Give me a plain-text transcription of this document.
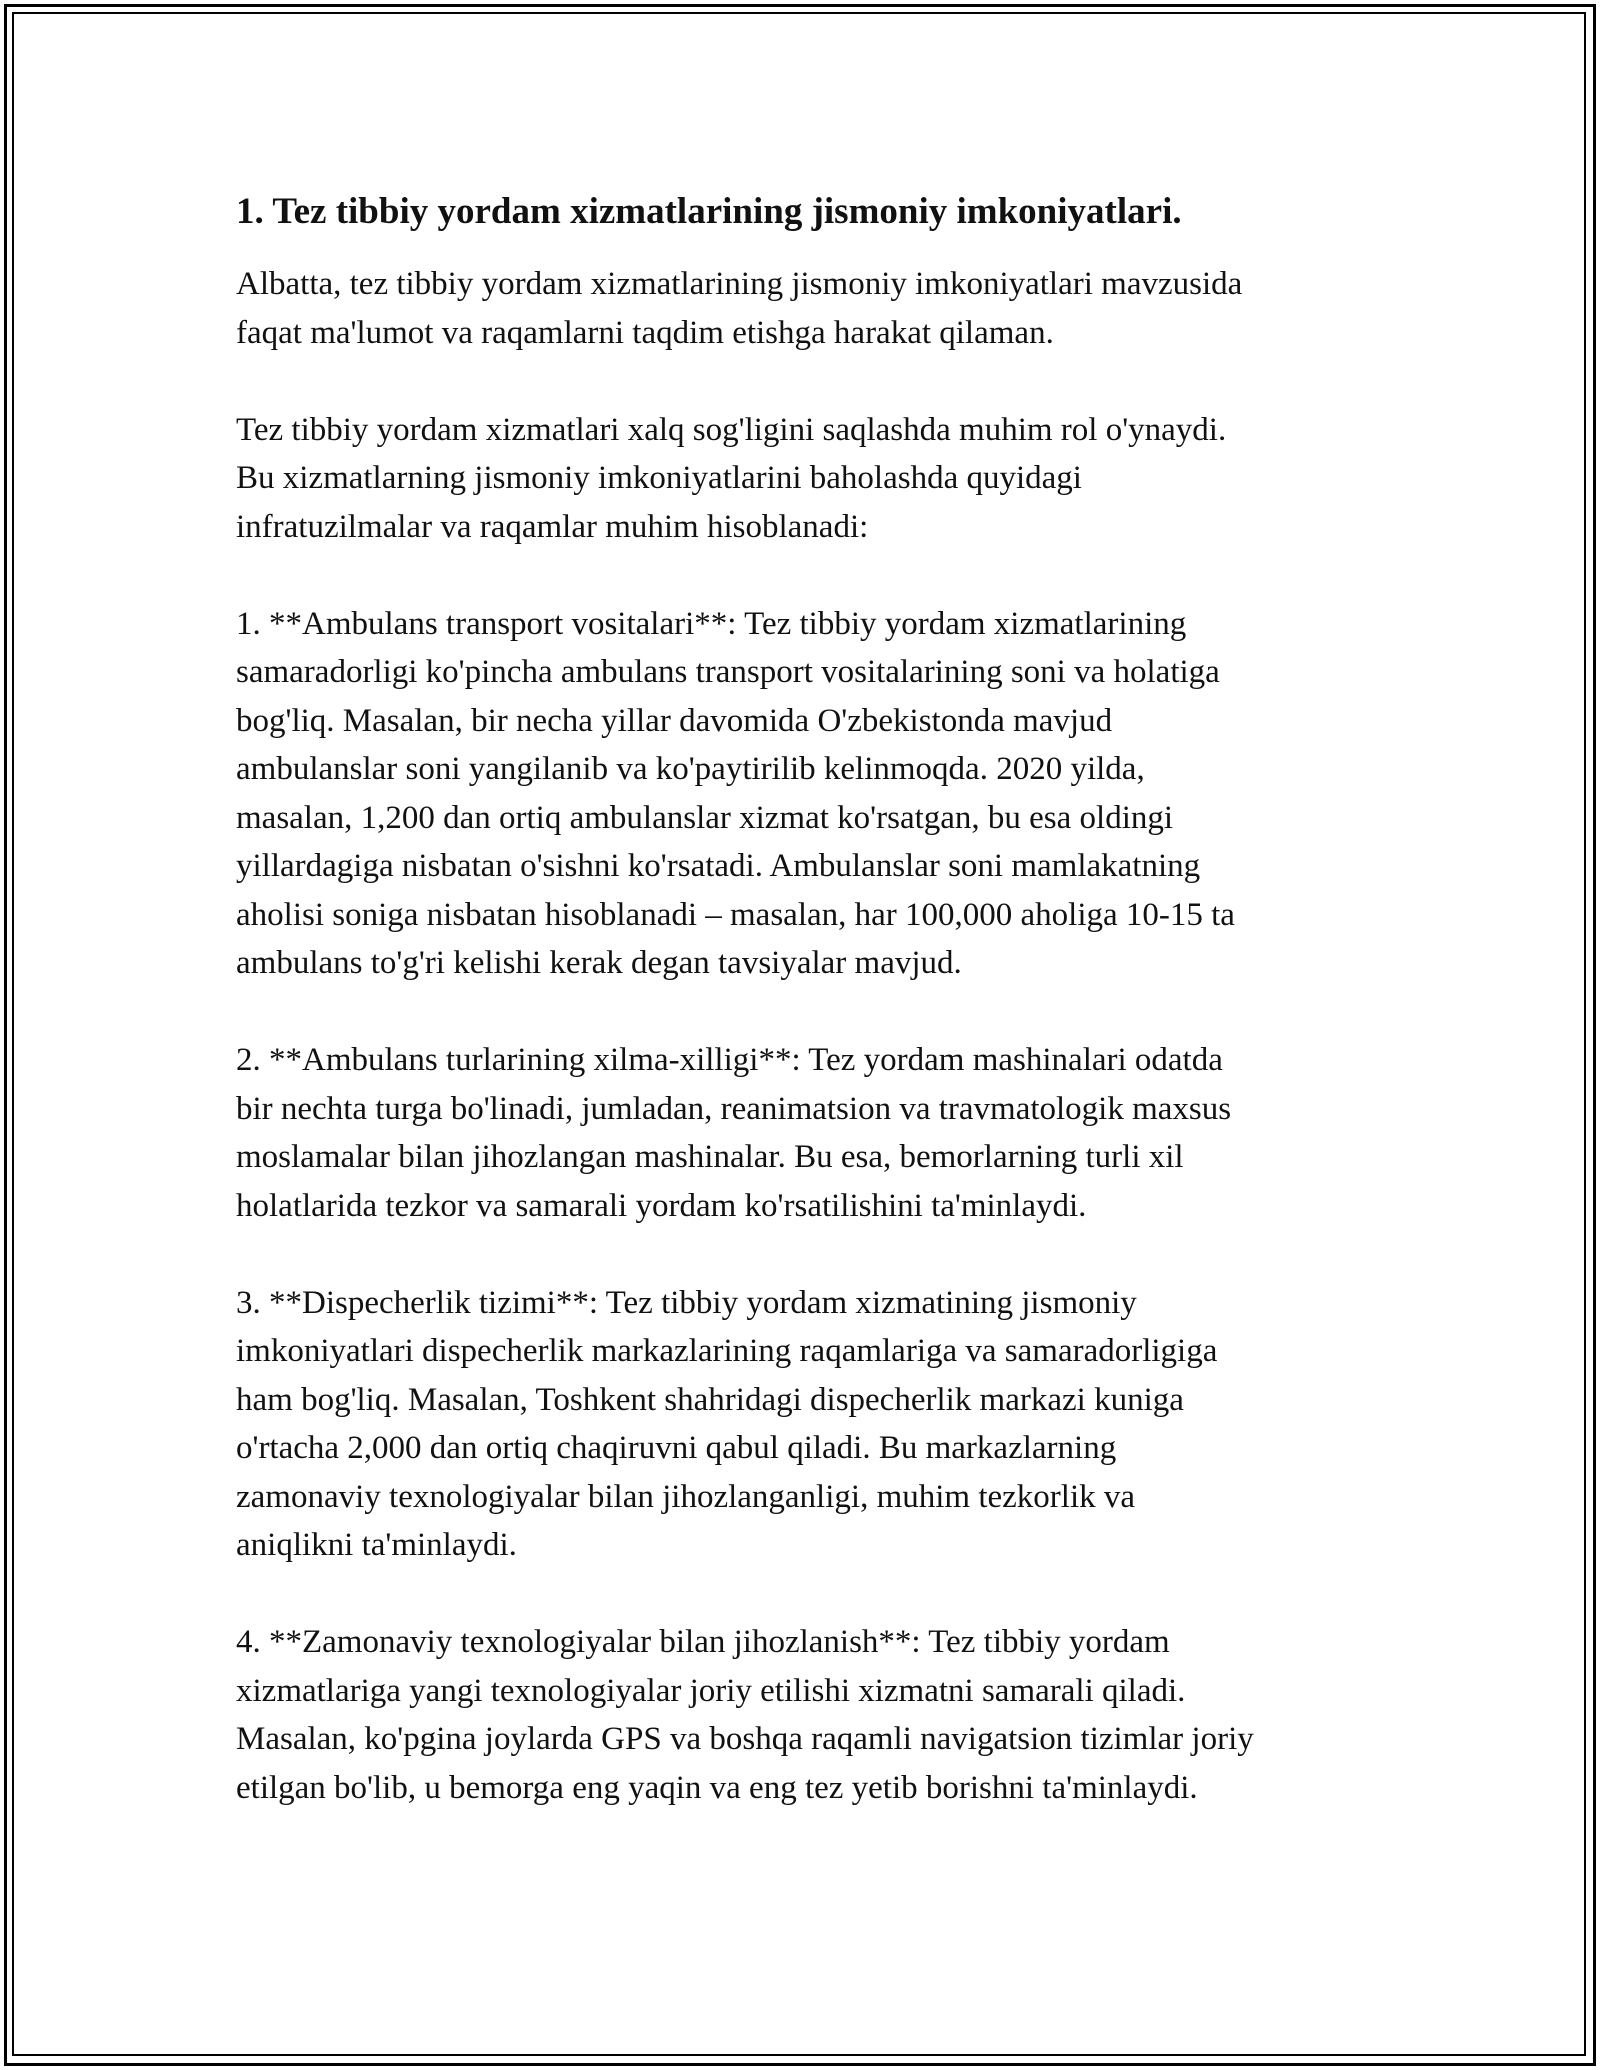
1. Tez tibbiy yordam xizmatlarining jismoniy imkoniyatlari.

Albatta, tez tibbiy yordam xizmatlarining jismoniy imkoniyatlari mavzusida
faqat ma'lumot va raqamlarni taqdim etishga harakat qilaman.

Tez tibbiy yordam xizmatlari xalq sog'ligini saqlashda muhim rol o'ynaydi.
Bu xizmatlarning jismoniy imkoniyatlarini baholashda quyidagi
infratuzilmalar va raqamlar muhim hisoblanadi:

1. **Ambulans transport vositalari**: Tez tibbiy yordam xizmatlarining
samaradorligi ko'pincha ambulans transport vositalarining soni va holatiga
bog'liq. Masalan, bir necha yillar davomida O'zbekistonda mavjud
ambulanslar soni yangilanib va ko'paytirilib kelinmoqda. 2020 yilda,
masalan, 1,200 dan ortiq ambulanslar xizmat ko'rsatgan, bu esa oldingi
yillardagiga nisbatan o'sishni ko'rsatadi. Ambulanslar soni mamlakatning
aholisi soniga nisbatan hisoblanadi – masalan, har 100,000 aholiga 10-15 ta
ambulans to'g'ri kelishi kerak degan tavsiyalar mavjud.

2. **Ambulans turlarining xilma-xilligi**: Tez yordam mashinalari odatda
bir nechta turga bo'linadi, jumladan, reanimatsion va travmatologik maxsus
moslamalar bilan jihozlangan mashinalar. Bu esa, bemorlarning turli xil
holatlarida tezkor va samarali yordam ko'rsatilishini ta'minlaydi.

3. **Dispecherlik tizimi**: Tez tibbiy yordam xizmatining jismoniy
imkoniyatlari dispecherlik markazlarining raqamlariga va samaradorligiga
ham bog'liq. Masalan, Toshkent shahridagi dispecherlik markazi kuniga
o'rtacha 2,000 dan ortiq chaqiruvni qabul qiladi. Bu markazlarning
zamonaviy texnologiyalar bilan jihozlanganligi, muhim tezkorlik va
aniqlikni ta'minlaydi.

4. **Zamonaviy texnologiyalar bilan jihozlanish**: Tez tibbiy yordam
xizmatlariga yangi texnologiyalar joriy etilishi xizmatni samarali qiladi.
Masalan, ko'pgina joylarda GPS va boshqa raqamli navigatsion tizimlar joriy
etilgan bo'lib, u bemorga eng yaqin va eng tez yetib borishni ta'minlaydi.
